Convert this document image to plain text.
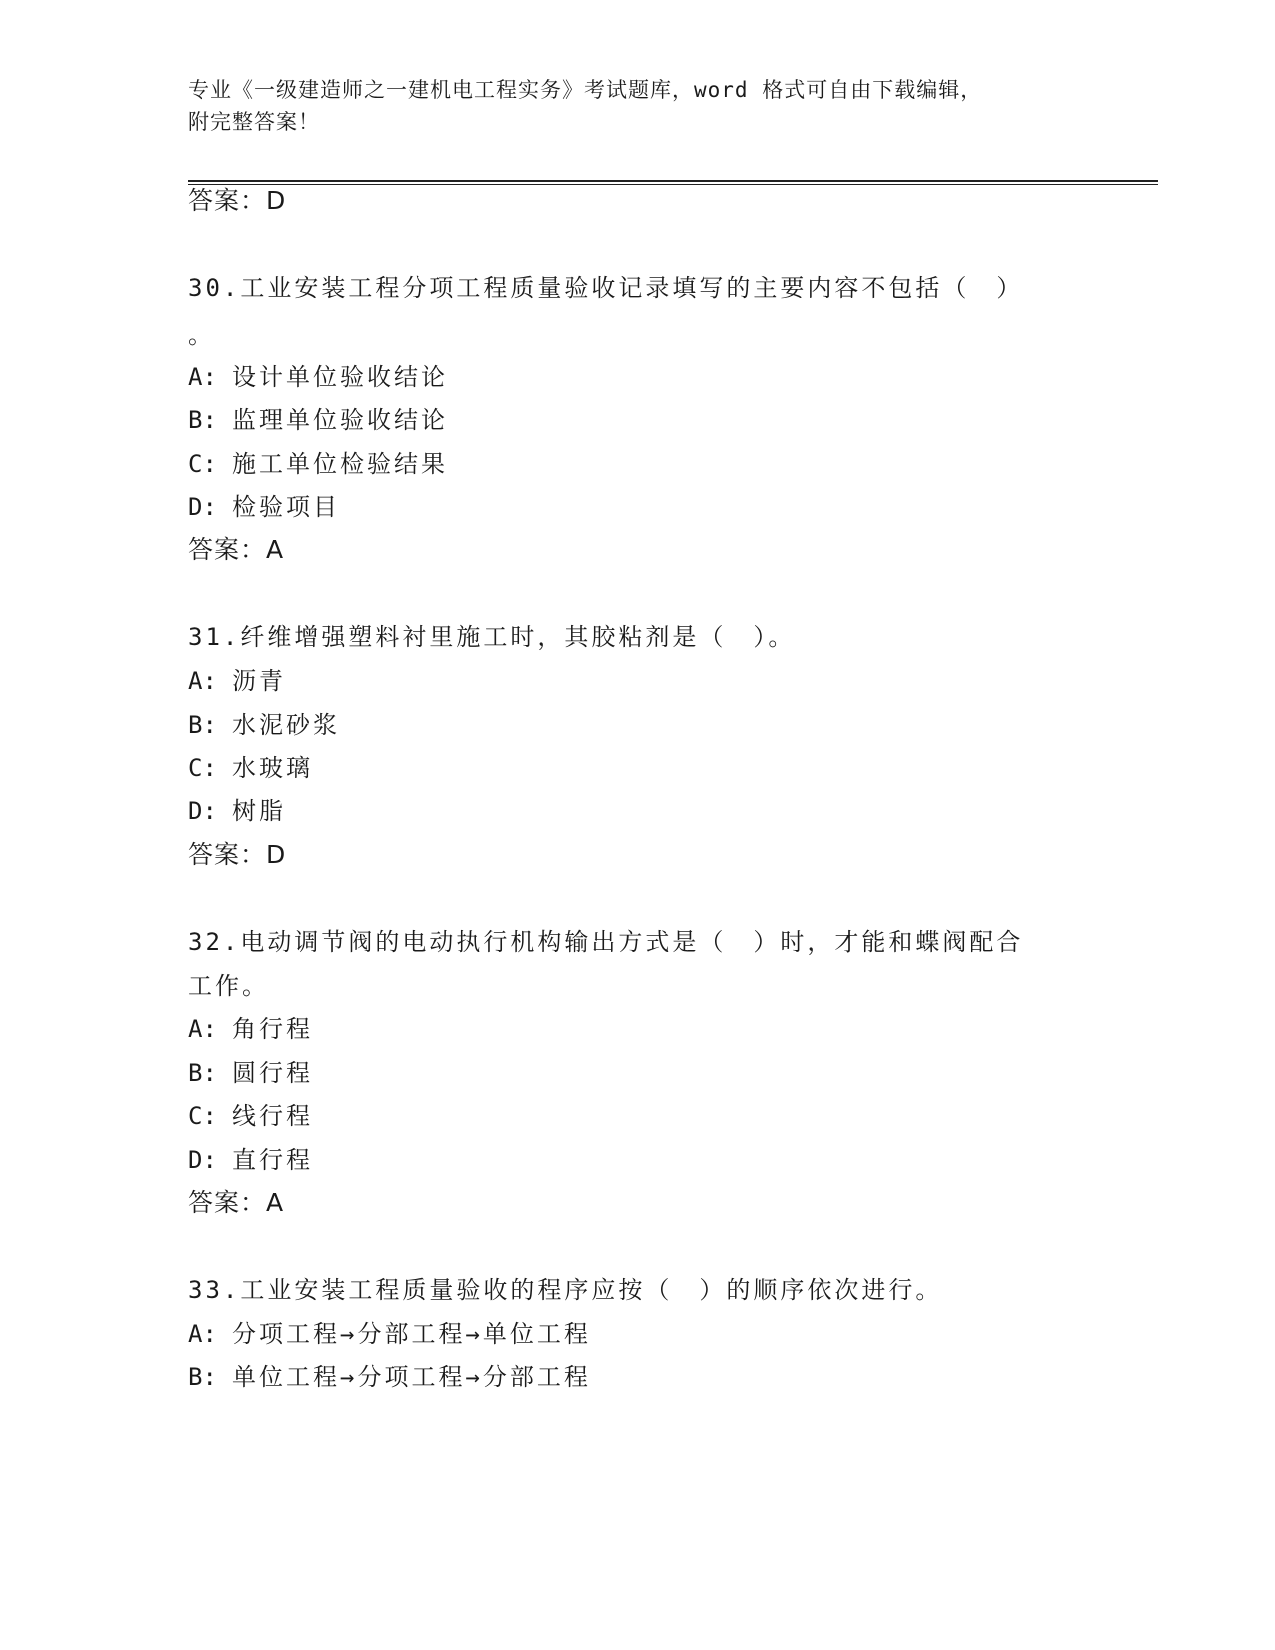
专业《一级建造师之一建机电工程实务》考试题库，word 格式可自由下载编辑，
附完整答案！
答案：D
30.工业安装工程分项工程质量验收记录填写的主要内容不包括（　）
。
A: 设计单位验收结论
B: 监理单位验收结论
C: 施工单位检验结果
D: 检验项目
答案：A
31.纤维增强塑料衬里施工时，其胶粘剂是（　）。
A: 沥青
B: 水泥砂浆
C: 水玻璃
D: 树脂
答案：D
32.电动调节阀的电动执行机构输出方式是（　）时，才能和蝶阀配合
工作。
A: 角行程
B: 圆行程
C: 线行程
D: 直行程
答案：A
33.工业安装工程质量验收的程序应按（　）的顺序依次进行。
A: 分项工程→分部工程→单位工程
B: 单位工程→分项工程→分部工程
